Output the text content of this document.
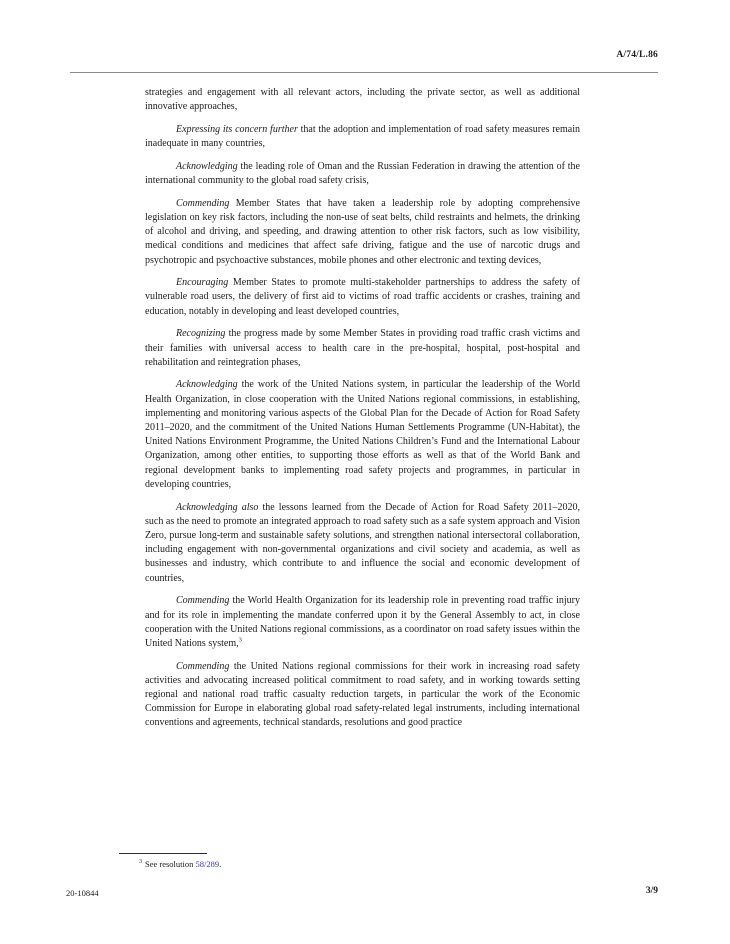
A/74/L.86

strategies and engagement with all relevant actors, including the private sector, as well as additional innovative approaches,

Expressing its concern further that the adoption and implementation of road safety measures remain inadequate in many countries,

Acknowledging the leading role of Oman and the Russian Federation in drawing the attention of the international community to the global road safety crisis,

Commending Member States that have taken a leadership role by adopting comprehensive legislation on key risk factors, including the non-use of seat belts, child restraints and helmets, the drinking of alcohol and driving, and speeding, and drawing attention to other risk factors, such as low visibility, medical conditions and medicines that affect safe driving, fatigue and the use of narcotic drugs and psychotropic and psychoactive substances, mobile phones and other electronic and texting devices,

Encouraging Member States to promote multi-stakeholder partnerships to address the safety of vulnerable road users, the delivery of first aid to victims of road traffic accidents or crashes, training and education, notably in developing and least developed countries,

Recognizing the progress made by some Member States in providing road traffic crash victims and their families with universal access to health care in the pre-hospital, hospital, post-hospital and rehabilitation and reintegration phases,

Acknowledging the work of the United Nations system, in particular the leadership of the World Health Organization, in close cooperation with the United Nations regional commissions, in establishing, implementing and monitoring various aspects of the Global Plan for the Decade of Action for Road Safety 2011–2020, and the commitment of the United Nations Human Settlements Programme (UN-Habitat), the United Nations Environment Programme, the United Nations Children’s Fund and the International Labour Organization, among other entities, to supporting those efforts as well as that of the World Bank and regional development banks to implementing road safety projects and programmes, in particular in developing countries,

Acknowledging also the lessons learned from the Decade of Action for Road Safety 2011–2020, such as the need to promote an integrated approach to road safety such as a safe system approach and Vision Zero, pursue long-term and sustainable safety solutions, and strengthen national intersectoral collaboration, including engagement with non-governmental organizations and civil society and academia, as well as businesses and industry, which contribute to and influence the social and economic development of countries,

Commending the World Health Organization for its leadership role in preventing road traffic injury and for its role in implementing the mandate conferred upon it by the General Assembly to act, in close cooperation with the United Nations regional commissions, as a coordinator on road safety issues within the United Nations system,$^3$

Commending the United Nations regional commissions for their work in increasing road safety activities and advocating increased political commitment to road safety, and in working towards setting regional and national road traffic casualty reduction targets, in particular the work of the Economic Commission for Europe in elaborating global road safety-related legal instruments, including international conventions and agreements, technical standards, resolutions and good practice

$^3$ See resolution 58/289.
20-10844	3/9
